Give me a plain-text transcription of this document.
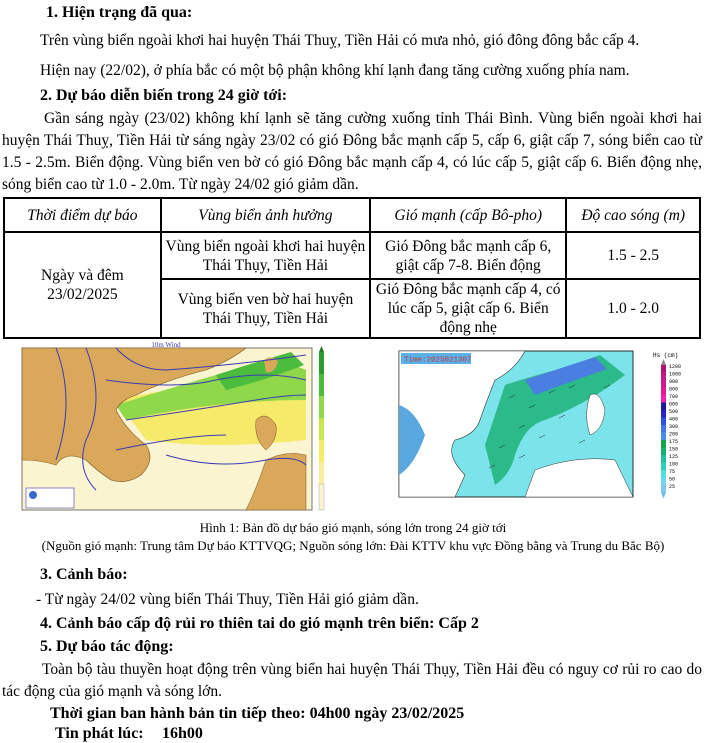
1. Hiện trạng đã qua:
Trên vùng biển ngoài khơi hai huyện Thái Thuỵ, Tiền Hải có mưa nhỏ, gió đông đông bắc cấp 4.
Hiện nay (22/02), ở phía bắc có một bộ phận không khí lạnh đang tăng cường xuống phía nam.
2. Dự báo diễn biến trong 24 giờ tới:
Gần sáng ngày (23/02) không khí lạnh sẽ tăng cường xuống tỉnh Thái Bình. Vùng biển ngoài khơi hai huyện Thái Thuỵ, Tiền Hải từ sáng ngày 23/02 có gió Đông bắc mạnh cấp 5, cấp 6, giật cấp 7, sóng biển cao từ 1.5 - 2.5m. Biển động. Vùng biển ven bờ có gió Đông bắc mạnh cấp 4, có lúc cấp 5, giật cấp 6. Biển động nhẹ, sóng biển cao từ 1.0 - 2.0m. Từ ngày 24/02 gió giảm dần.
Thời điểm dự báo	Vùng biển ảnh hưởng	Gió mạnh (cấp Bô-pho)	Độ cao sóng (m)
Ngày và đêm 23/02/2025	Vùng biển ngoài khơi hai huyện Thái Thụy, Tiền Hải	Gió Đông bắc mạnh cấp 6, giật cấp 7-8. Biển động	1.5 - 2.5
	Vùng biển ven bờ hai huyện Thái Thụy, Tiền Hải	Gió Đông bắc mạnh cấp 4, có lúc cấp 5, giật cấp 6. Biển động nhẹ	1.0 - 2.0
10m Wind
Time:2025021307
Hs (cm)
1200
1000
900
800
700
600
500
400
300
200
175
150
125
100
75
50
25
Hình 1: Bản đồ dự báo gió mạnh, sóng lớn trong 24 giờ tới
(Nguồn gió mạnh: Trung tâm Dự báo KTTVQG; Nguồn sóng lớn: Đài KTTV khu vực Đồng bằng và Trung du Bắc Bộ)
3. Cảnh báo:
- Từ ngày 24/02 vùng biển Thái Thuy, Tiền Hải gió giảm dần.
4. Cảnh báo cấp độ rủi ro thiên tai do gió mạnh trên biển: Cấp 2
5. Dự báo tác động:
Toàn bộ tàu thuyền hoạt động trên vùng biển hai huyện Thái Thụy, Tiền Hải đều có nguy cơ rủi ro cao do tác động của gió mạnh và sóng lớn.
Thời gian ban hành bản tin tiếp theo: 04h00 ngày 23/02/2025
Tin phát lúc: 16h00
